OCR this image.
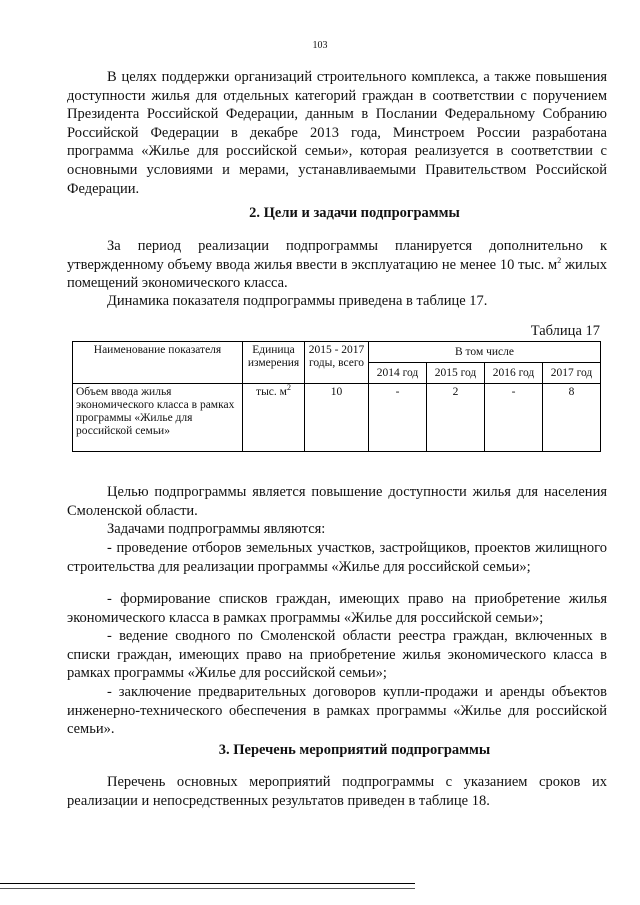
103
В целях поддержки организаций строительного комплекса, а также повышения доступности жилья для отдельных категорий граждан в соответствии с поручением Президента Российской Федерации, данным в Послании Федеральному Собранию Российской Федерации в декабре 2013 года, Минстроем России разработана программа «Жилье для российской семьи», которая реализуется в соответствии с основными условиями и мерами, устанавливаемыми Правительством Российской Федерации.
2. Цели и задачи подпрограммы
За период реализации подпрограммы планируется дополнительно к утвержденному объему ввода жилья ввести в эксплуатацию не менее 10 тыс. $м^2$ жилых помещений экономического класса.
Динамика показателя подпрограммы приведена в таблице 17.
Таблица 17
Наименование показателя	Единица измерения	2015 - 2017 годы, всего	В том числе			
			2014 год	2015 год	2016 год	2017 год
Объем ввода жилья экономического класса в рамках программы «Жилье для российской семьи»	тыс. $м^2$	10	-	2	-	8
Целью подпрограммы является повышение доступности жилья для населения Смоленской области.
Задачами подпрограммы являются:
- проведение отборов земельных участков, застройщиков, проектов жилищного строительства для реализации программы «Жилье для российской семьи»;
- формирование списков граждан, имеющих право на приобретение жилья экономического класса в рамках программы «Жилье для российской семьи»;
- ведение сводного по Смоленской области реестра граждан, включенных в списки граждан, имеющих право на приобретение жилья экономического класса в рамках программы «Жилье для российской семьи»;
- заключение предварительных договоров купли-продажи и аренды объектов инженерно-технического обеспечения в рамках программы «Жилье для российской семьи».
3. Перечень мероприятий подпрограммы
Перечень основных мероприятий подпрограммы с указанием сроков их реализации и непосредственных результатов приведен в таблице 18.
